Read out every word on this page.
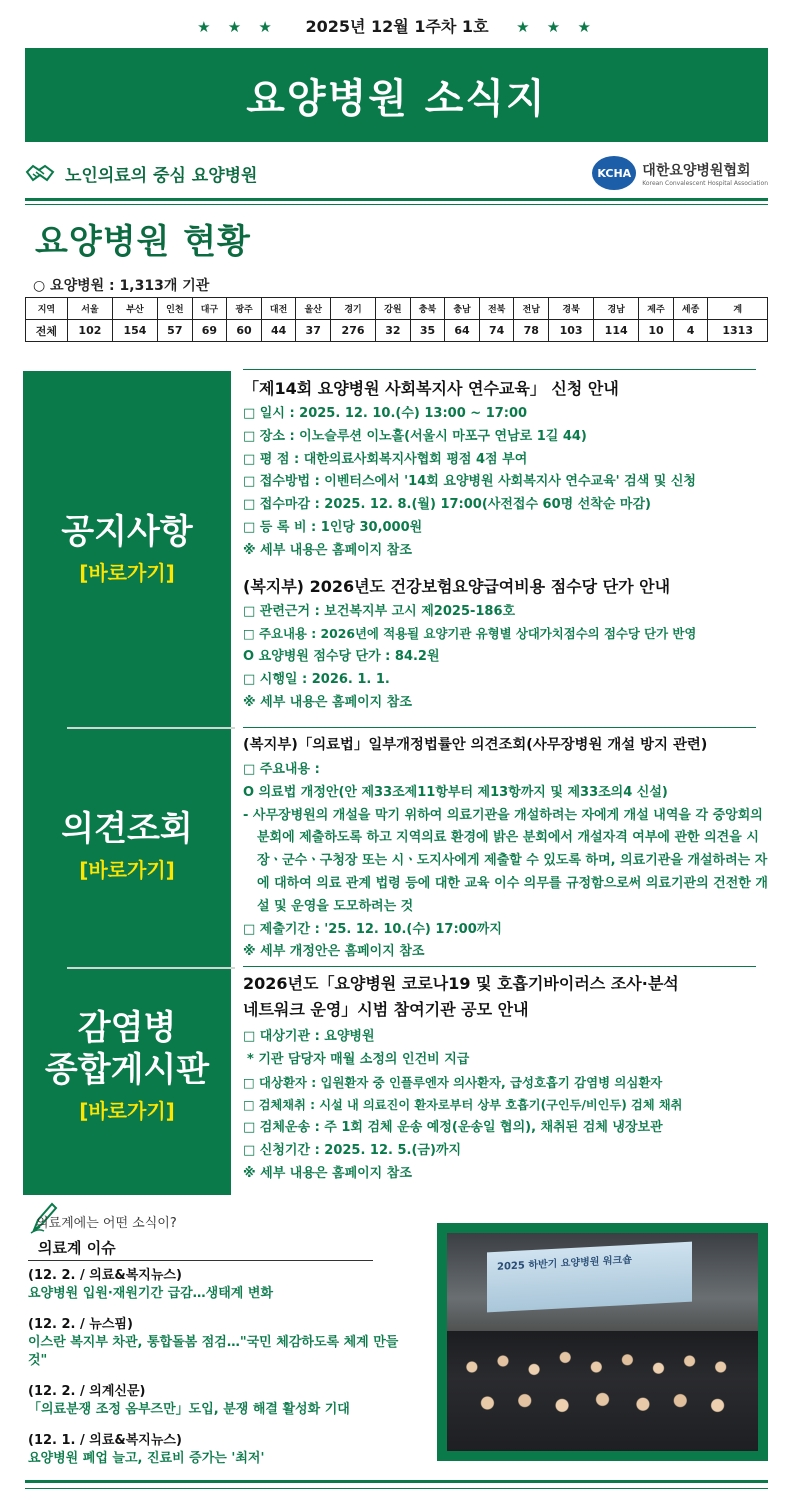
★ ★ ★ 2025년 12월 1주차 1호 ★ ★ ★
요양병원 소식지
노인의료의 중심 요양병원	KCHA 대한요양병원협회
Korean Convalescent Hospital Association
요양병원 현황
○ 요양병원 : 1,313개 기관
지역	서울	부산	인천	대구	광주	대전	울산	경기	강원	충북	충남	전북	전남	경북	경남	제주	세종	계
전체	102	154	57	69	60	44	37	276	32	35	64	74	78	103	114	10	4	1313
공지사항
[바로가기]
의견조회
[바로가기]
감염병
종합게시판
[바로가기]
「제14회 요양병원 사회복지사 연수교육」 신청 안내
□ 일시 : 2025. 12. 10.(수) 13:00 ~ 17:00
□ 장소 : 이노슬루션 이노홀(서울시 마포구 연남로 1길 44)
□ 평 점 : 대한의료사회복지사협회 평점 4점 부여
□ 접수방법 : 이벤터스에서 '14회 요양병원 사회복지사 연수교육' 검색 및 신청
□ 접수마감 : 2025. 12. 8.(월) 17:00(사전접수 60명 선착순 마감)
□ 등 록 비 : 1인당 30,000원
※ 세부 내용은 홈페이지 참조
(복지부) 2026년도 건강보험요양급여비용 점수당 단가 안내
□ 관련근거 : 보건복지부 고시 제2025-186호
□ 주요내용 : 2026년에 적용될 요양기관 유형별 상대가치점수의 점수당 단가 반영
O 요양병원 점수당 단가 : 84.2원
□ 시행일 : 2026. 1. 1.
※ 세부 내용은 홈페이지 참조
(복지부)「의료법」일부개정법률안 의견조회(사무장병원 개설 방지 관련)
□ 주요내용 :
O 의료법 개정안(안 제33조제11항부터 제13항까지 및 제33조의4 신설)
- 사무장병원의 개설을 막기 위하여 의료기관을 개설하려는 자에게 개설 내역을 각 중앙회의 분회에 제출하도록 하고 지역의료 환경에 밝은 분회에서 개설자격 여부에 관한 의견을 시장ㆍ군수ㆍ구청장 또는 시ㆍ도지사에게 제출할 수 있도록 하며, 의료기관을 개설하려는 자에 대하여 의료 관계 법령 등에 대한 교육 이수 의무를 규정함으로써 의료기관의 건전한 개설 및 운영을 도모하려는 것
□ 제출기간 : '25. 12. 10.(수) 17:00까지
※ 세부 개정안은 홈페이지 참조
2026년도「요양병원 코로나19 및 호흡기바이러스 조사·분석
네트워크 운영」시범 참여기관 공모 안내
□ 대상기관 : 요양병원
* 기관 담당자 매월 소정의 인건비 지급
□ 대상환자 : 입원환자 중 인플루엔자 의사환자, 급성호흡기 감염병 의심환자
□ 검체채취 : 시설 내 의료진이 환자로부터 상부 호흡기(구인두/비인두) 검체 채취
□ 검체운송 : 주 1회 검체 운송 예정(운송일 협의), 채취된 검체 냉장보관
□ 신청기간 : 2025. 12. 5.(금)까지
※ 세부 내용은 홈페이지 참조
의료계에는 어떤 소식이?
의료계 이슈
(12. 2. / 의료&복지뉴스)
요양병원 입원·재원기간 급감…생태계 변화
(12. 2. / 뉴스핌)
이스란 복지부 차관, 통합돌봄 점검…"국민 체감하도록 체계 만들 것"
(12. 2. / 의계신문)
「의료분쟁 조정 옴부즈만」도입, 분쟁 해결 활성화 기대
(12. 1. / 의료&복지뉴스)
요양병원 폐업 늘고, 진료비 증가는 '최저'
2025 하반기 요양병원 워크숍
